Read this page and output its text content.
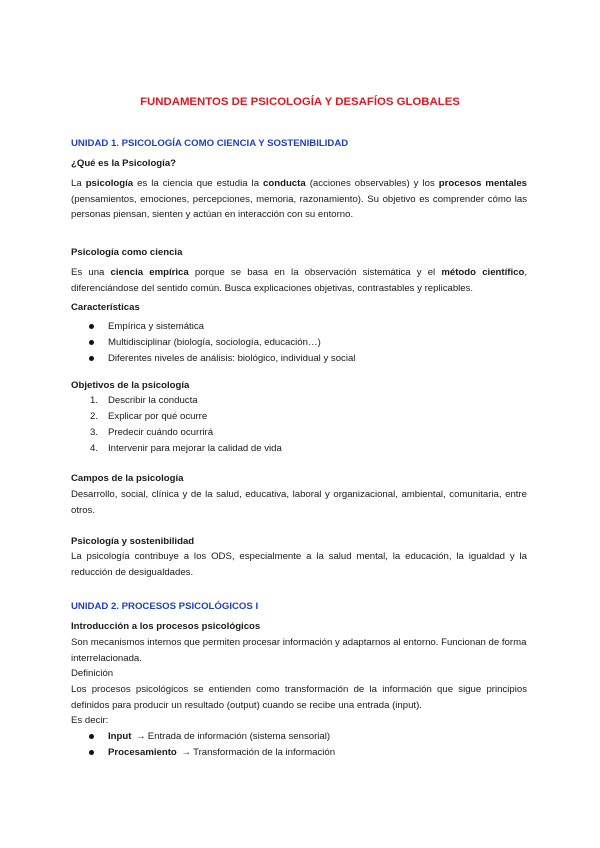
FUNDAMENTOS DE PSICOLOGÍA Y DESAFÍOS GLOBALES
UNIDAD 1. PSICOLOGÍA COMO CIENCIA Y SOSTENIBILIDAD
¿Qué es la Psicología?
La psicología es la ciencia que estudia la conducta (acciones observables) y los procesos mentales (pensamientos, emociones, percepciones, memoria, razonamiento). Su objetivo es comprender cómo las personas piensan, sienten y actúan en interacción con su entorno.
Psicología como ciencia
Es una ciencia empírica porque se basa en la observación sistemática y el método científico, diferenciándose del sentido común. Busca explicaciones objetivas, contrastables y replicables.
Características
Empírica y sistemática
Multidisciplinar (biología, sociología, educación…)
Diferentes niveles de análisis: biológico, individual y social
Objetivos de la psicología
1. Describir la conducta
2. Explicar por qué ocurre
3. Predecir cuándo ocurrirá
4. Intervenir para mejorar la calidad de vida
Campos de la psicología
Desarrollo, social, clínica y de la salud, educativa, laboral y organizacional, ambiental, comunitaria, entre otros.
Psicología y sostenibilidad
La psicología contribuye a los ODS, especialmente a la salud mental, la educación, la igualdad y la reducción de desigualdades.
UNIDAD 2. PROCESOS PSICOLÓGICOS I
Introducción a los procesos psicológicos
Son mecanismos internos que permiten procesar información y adaptarnos al entorno. Funcionan de forma interrelacionada.
Definición
Los procesos psicológicos se entienden como transformación de la información que sigue principios definidos para producir un resultado (output) cuando se recibe una entrada (input).
Es decir:
Input → Entrada de información (sistema sensorial)
Procesamiento → Transformación de la información
